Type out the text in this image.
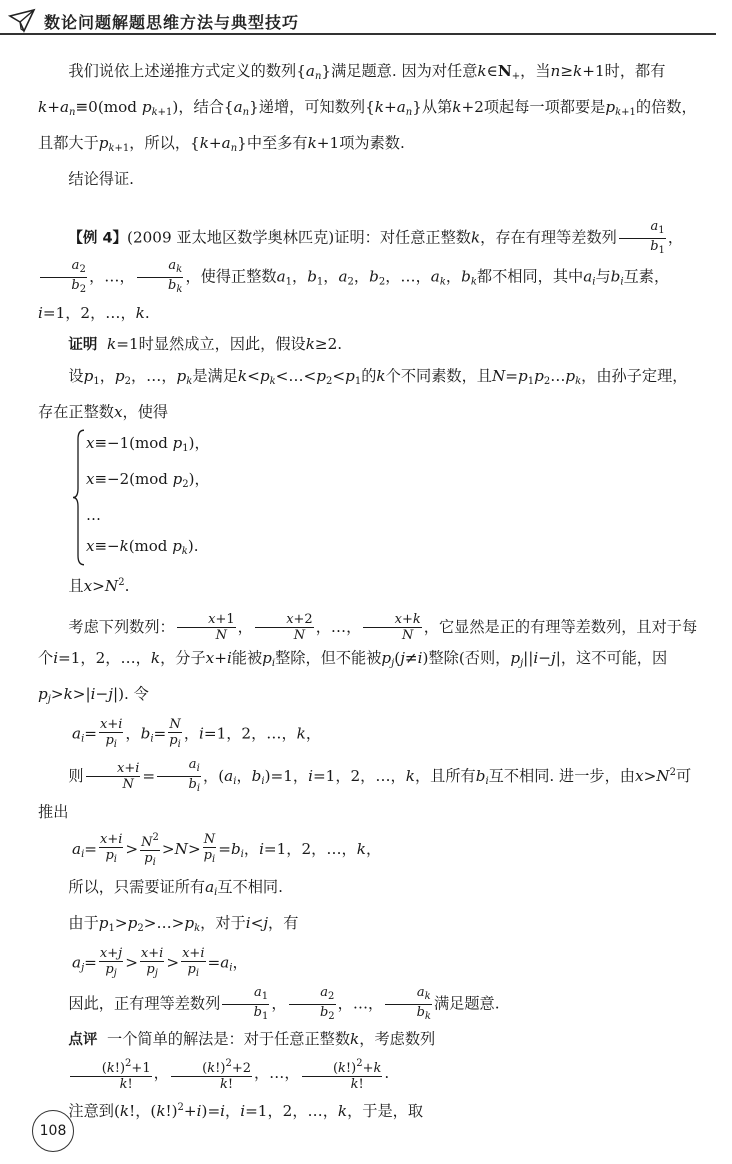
数论问题解题思维方法与典型技巧

我们说依上述递推方式定义的数列$\{a_n\}$满足题意. 因为对任意$k\in N_+$，当n≥k+1时，都有$k+a_n\equiv 0(mod$ $p_{k+1}$)，结合$\{a_n\}$递增，可知数列$\{k+a_n\}$从第k+2项起每一项都要是$p_{k+1}$的倍数，且都大于$p_{k+1}$，所以，$\{k+a_n\}$中至多有k+1项为素数.

结论得证.

【例 4】(2009 亚太地区数学奥林匹克)证明：对任意正整数k，存在有理等差数列 $\frac{a_1}{b_1}$ ，
$\frac{a_2}{b_2}$ ，…， $\frac{a_k}{b_k}$ ，使得正整数$a_1$，$b_1$，$a_2$，$b_2$，…，$a_k$，$b_k$都不相同，其中$a_i$与$b_i$互素，i=1，2，…，k.

证明 k=1时显然成立，因此，假设k≥2.

设$p_1$，$p_2$，…，$p_k$是满足$k<p_k<\dots<p_2<p_1$的k个不同素数，且$N=p_1p_2\dots p_k$，由孙子定理，存在正整数x，使得

x≡−1(mod $p_1$)，
x≡−2(mod $p_2$)，
…
x≡−k(mod $p_k$).

且$x>N^2$.

考虑下列数列： $\frac{x+1}{N}$ ， $\frac{x+2}{N}$ ，…， $\frac{x+k}{N}$ ，它显然是正的有理等差数列，且对于每个i=1，2，…，k，分子x+i能被$p_i$整除，但不能被$p_j(j\ne i)$整除(否则，$p_j||i-j|$，这不可能，因$p_j>k>|i-j|$). 令

$a_i= \frac{x+i}{p_i}$ ，$b_i= \frac{N}{p_i}$ ，i=1，2，…，k，

则 $\frac{x+i}{N} = \frac{a_i}{b_i}$ ，($a_i$，$b_i)=1$，i=1，2，…，k，且所有$b_i$互不相同. 进一步，由$x>N^2$可推出

$a_i= \frac{x+i}{p_i} > \frac{N^2}{p_i} >N> \frac{N}{p_i} =b_i$，i=1，2，…，k，

所以，只需要证所有$a_i$互不相同.

由于$p_1>p_2>\dots>p_k$，对于i<j，有

$a_j= \frac{x+j}{p_j} > \frac{x+i}{p_j} > \frac{x+i}{p_i} =a_i$，

因此，正有理等差数列 $\frac{a_1}{b_1}$ ， $\frac{a_2}{b_2}$ ，…， $\frac{a_k}{b_k}$ 满足题意.

点评 一个简单的解法是：对于任意正整数k，考虑数列

$\frac{(k!)^2+1}{k!}$ ， $\frac{(k!)^2+2}{k!}$ ，…， $\frac{(k!)^2+k}{k!}$ .

注意到(k!，$(k!)^2+i)=i$，i=1，2，…，k，于是，取

108
